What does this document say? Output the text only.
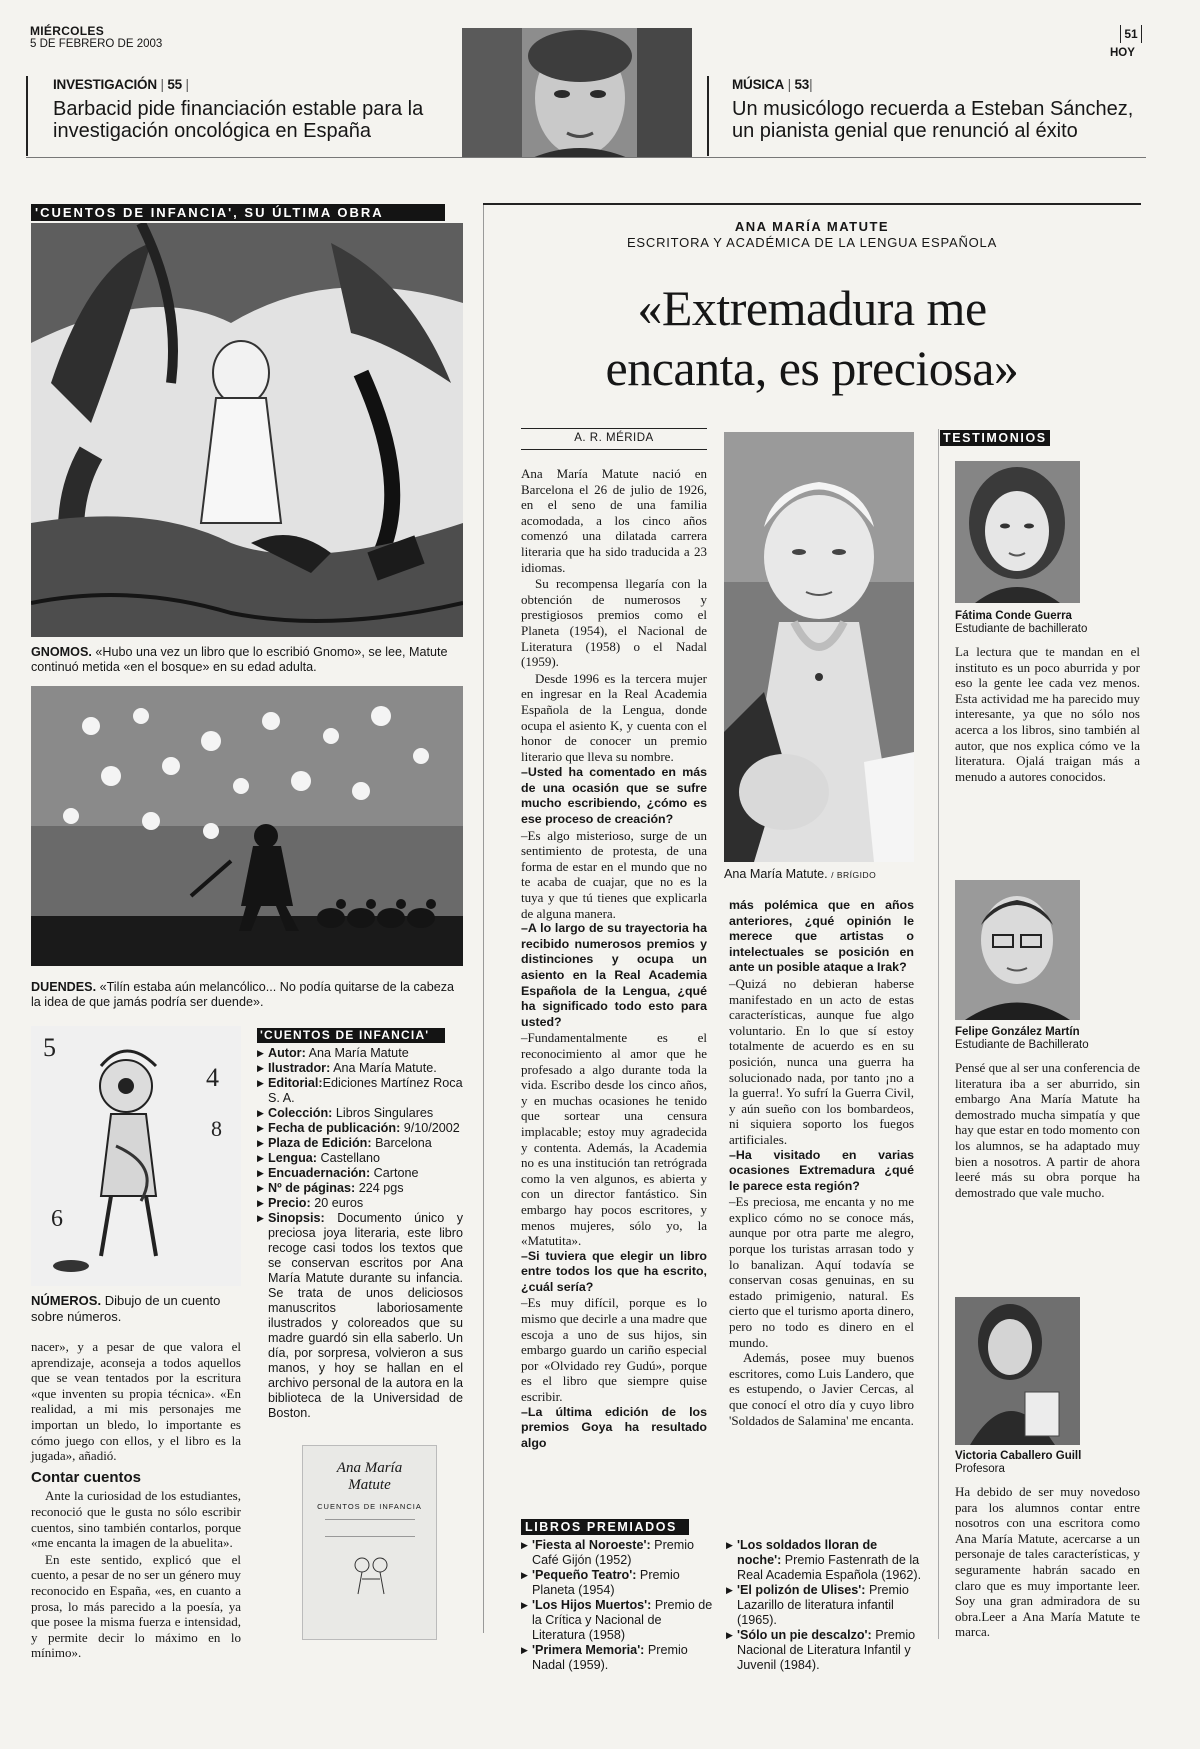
MIÉRCOLES
5 DE FEBRERO DE 2003
51
HOY
INVESTIGACIÓN | 55 |
Barbacid pide financiación estable para la investigación oncológica en España
MÚSICA | 53|
Un musicólogo recuerda a Esteban Sánchez, un pianista genial que renunció al éxito
'CUENTOS DE INFANCIA', SU ÚLTIMA OBRA
GNOMOS. «Hubo una vez un libro que lo escribió Gnomo», se lee, Matute continuó metida «en el bosque» en su edad adulta.
DUENDES. «Tilín estaba aún melancólico... No podía quitarse de la cabeza la idea de que jamás podría ser duende».
5
4
8
6
NÚMEROS. Dibujo de un cuento sobre números.

nacer», y a pesar de que valora el aprendizaje, aconseja a todos aquellos que se vean tentados por la escritura «que inventen su propia técnica». «En realidad, a mi mis personajes me importan un bledo, lo importante es cómo juego con ellos, y el libro es la jugada», añadió.

Contar cuentos

Ante la curiosidad de los estudiantes, reconoció que le gusta no sólo escribir cuentos, sino también contarlos, porque «me encanta la imagen de la abuelita».

En este sentido, explicó que el cuento, a pesar de no ser un género muy reconocido en España, «es, en cuanto a prosa, lo más parecido a la poesía, ya que posee la misma fuerza e intensidad, y permite decir lo máximo en lo mínimo».

'CUENTOS DE INFANCIA'
▶ Autor: Ana María Matute
▶ Ilustrador: Ana María Matute.
▶ Editorial:Ediciones Martínez Roca S. A.
▶ Colección: Libros Singulares
▶ Fecha de publicación: 9/10/2002
▶ Plaza de Edición: Barcelona
▶ Lengua: Castellano
▶ Encuadernación: Cartone
▶ Nº de páginas: 224 pgs
▶ Precio: 20 euros
▶ Sinopsis: Documento único y preciosa joya literaria, este libro recoge casi todos los textos que se conservan escritos por Ana María Matute durante su infancia. Se trata de unos deliciosos manuscritos laboriosamente ilustrados y coloreados que su madre guardó sin ella saberlo. Un día, por sorpresa, volvieron a sus manos, y hoy se hallan en el archivo personal de la autora en la biblioteca de la Universidad de Boston.
Ana María
Matute
CUENTOS DE INFANCIA
ANA MARÍA MATUTE
ESCRITORA Y ACADÉMICA DE LA LENGUA ESPAÑOLA
«Extremadura me
encanta, es preciosa»
A. R. MÉRIDA
Ana María Matute. / BRÍGIDO

Ana María Matute nació en Barcelona el 26 de julio de 1926, en el seno de una familia acomodada, a los cinco años comenzó una dilatada carrera literaria que ha sido traducida a 23 idiomas.

Su recompensa llegaría con la obtención de numerosos y prestigiosos premios como el Planeta (1954), el Nacional de Literatura (1958) o el Nadal (1959).

Desde 1996 es la tercera mujer en ingresar en la Real Academia Española de la Lengua, donde ocupa el asiento K, y cuenta con el honor de conocer un premio literario que lleva su nombre.

–Usted ha comentado en más de una ocasión que se sufre mucho escribiendo, ¿cómo es ese proceso de creación?
–Es algo misterioso, surge de un sentimiento de protesta, de una forma de estar en el mundo que no te acaba de cuajar, que no es la tuya y que tú tienes que explicarla de alguna manera.
–A lo largo de su trayectoria ha recibido numerosos premios y distinciones y ocupa un asiento en la Real Academia Española de la Lengua, ¿qué ha significado todo esto para usted?
–Fundamentalmente es el reconocimiento al amor que he profesado a algo durante toda la vida. Escribo desde los cinco años, y en muchas ocasiones he tenido que sortear una censura implacable; estoy muy agradecida y contenta. Además, la Academia no es una institución tan retrógrada como la ven algunos, es abierta y con un director fantástico. Sin embargo hay pocos escritores, y menos mujeres, sólo yo, la «Matutita».
–Si tuviera que elegir un libro entre todos los que ha escrito, ¿cuál sería?
–Es muy difícil, porque es lo mismo que decirle a una madre que escoja a uno de sus hijos, sin embargo guardo un cariño especial por «Olvidado rey Gudú», porque es el libro que siempre quise escribir.
–La última edición de los premios Goya ha resultado algo
más polémica que en años anteriores, ¿qué opinión le merece que artistas o intelectuales se posición en ante un posible ataque a Irak?
–Quizá no debieran haberse manifestado en un acto de estas características, aunque fue algo voluntario. En lo que sí estoy totalmente de acuerdo es en su posición, nunca una guerra ha solucionado nada, por tanto ¡no a la guerra!. Yo sufrí la Guerra Civil, y aún sueño con los bombardeos, ni siquiera soporto los fuegos artificiales.
–Ha visitado en varias ocasiones Extremadura ¿qué le parece esta región?
–Es preciosa, me encanta y no me explico cómo no se conoce más, aunque por otra parte me alegro, porque los turistas arrasan todo y lo banalizan. Aquí todavía se conservan cosas genuinas, en su estado primigenio, natural. Es cierto que el turismo aporta dinero, pero no todo es dinero en el mundo.

Además, posee muy buenos escritores, como Luis Landero, que es estupendo, o Javier Cercas, al que conocí el otro día y cuyo libro 'Soldados de Salamina' me encanta.

LIBROS PREMIADOS
▶ 'Fiesta al Noroeste': Premio Café Gijón (1952)
▶ 'Pequeño Teatro': Premio Planeta (1954)
▶ 'Los Hijos Muertos': Premio de la Crítica y Nacional de Literatura (1958)
▶ 'Primera Memoria': Premio Nadal (1959).
▶ 'Los soldados lloran de noche': Premio Fastenrath de la Real Academia Española (1962).
▶ 'El polizón de Ulises': Premio Lazarillo de literatura infantil (1965).
▶ 'Sólo un pie descalzo': Premio Nacional de Literatura Infantil y Juvenil (1984).
TESTIMONIOS
Fátima Conde Guerra
Estudiante de bachillerato
La lectura que te mandan en el instituto es un poco aburrida y por eso la gente lee cada vez menos. Esta actividad me ha parecido muy interesante, ya que no sólo nos acerca a los libros, sino también al autor, que nos explica cómo ve la literatura. Ojalá traigan más a menudo a autores conocidos.
Felipe González Martín
Estudiante de Bachillerato
Pensé que al ser una conferencia de literatura iba a ser aburrido, sin embargo Ana María Matute ha demostrado mucha simpatía y que hay que estar en todo momento con los alumnos, se ha adaptado muy bien a nosotros. A partir de ahora leeré más su obra porque ha demostrado que vale mucho.
Victoria Caballero Guill
Profesora
Ha debido de ser muy novedoso para los alumnos contar entre nosotros con una escritora como Ana María Matute, acercarse a un personaje de tales características, y seguramente habrán sacado en claro que es muy importante leer. Soy una gran admiradora de su obra.Leer a Ana María Matute te marca.
